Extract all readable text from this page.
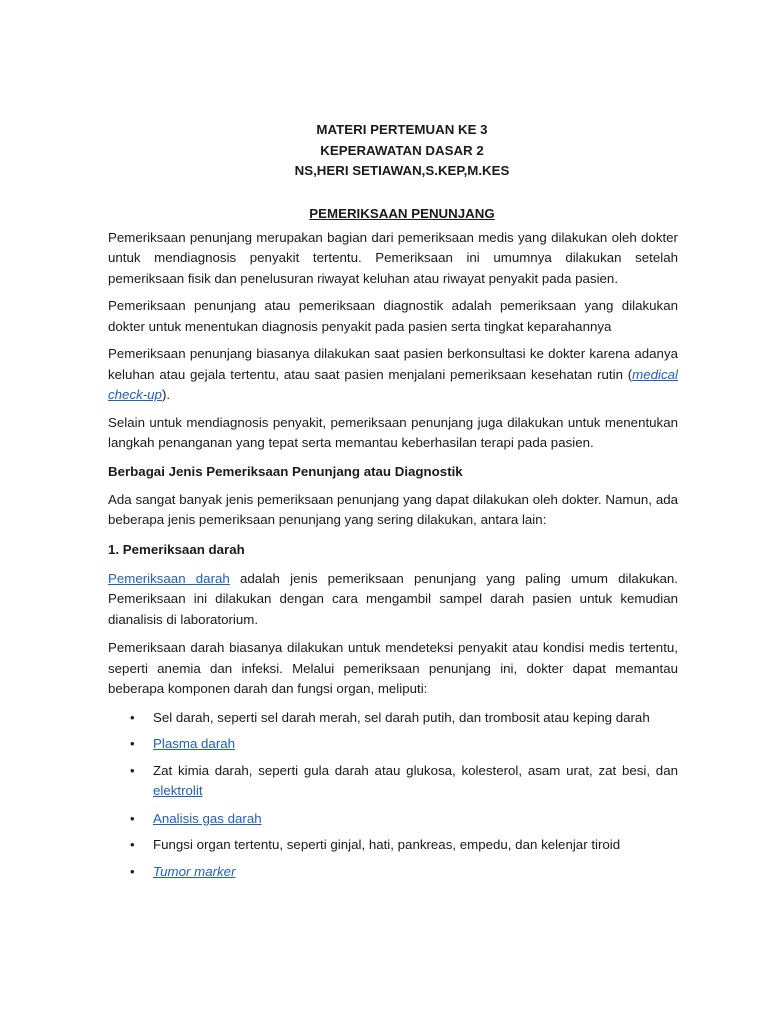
MATERI PERTEMUAN KE 3
KEPERAWATAN DASAR 2
NS,HERI SETIAWAN,S.KEP,M.KES
PEMERIKSAAN PENUNJANG

Pemeriksaan penunjang merupakan bagian dari pemeriksaan medis yang dilakukan oleh dokter untuk mendiagnosis penyakit tertentu. Pemeriksaan ini umumnya dilakukan setelah pemeriksaan fisik dan penelusuran riwayat keluhan atau riwayat penyakit pada pasien.

Pemeriksaan penunjang atau pemeriksaan diagnostik adalah pemeriksaan yang dilakukan dokter untuk menentukan diagnosis penyakit pada pasien serta tingkat keparahannya

Pemeriksaan penunjang biasanya dilakukan saat pasien berkonsultasi ke dokter karena adanya keluhan atau gejala tertentu, atau saat pasien menjalani pemeriksaan kesehatan rutin (medical check-up).

Selain untuk mendiagnosis penyakit, pemeriksaan penunjang juga dilakukan untuk menentukan langkah penanganan yang tepat serta memantau keberhasilan terapi pada pasien.

Berbagai Jenis Pemeriksaan Penunjang atau Diagnostik

Ada sangat banyak jenis pemeriksaan penunjang yang dapat dilakukan oleh dokter. Namun, ada beberapa jenis pemeriksaan penunjang yang sering dilakukan, antara lain:

1. Pemeriksaan darah

Pemeriksaan darah adalah jenis pemeriksaan penunjang yang paling umum dilakukan. Pemeriksaan ini dilakukan dengan cara mengambil sampel darah pasien untuk kemudian dianalisis di laboratorium.

Pemeriksaan darah biasanya dilakukan untuk mendeteksi penyakit atau kondisi medis tertentu, seperti anemia dan infeksi. Melalui pemeriksaan penunjang ini, dokter dapat memantau beberapa komponen darah dan fungsi organ, meliputi:

• Sel darah, seperti sel darah merah, sel darah putih, dan trombosit atau keping darah
• Plasma darah
• Zat kimia darah, seperti gula darah atau glukosa, kolesterol, asam urat, zat besi, dan elektrolit
• Analisis gas darah
• Fungsi organ tertentu, seperti ginjal, hati, pankreas, empedu, dan kelenjar tiroid
• Tumor marker
